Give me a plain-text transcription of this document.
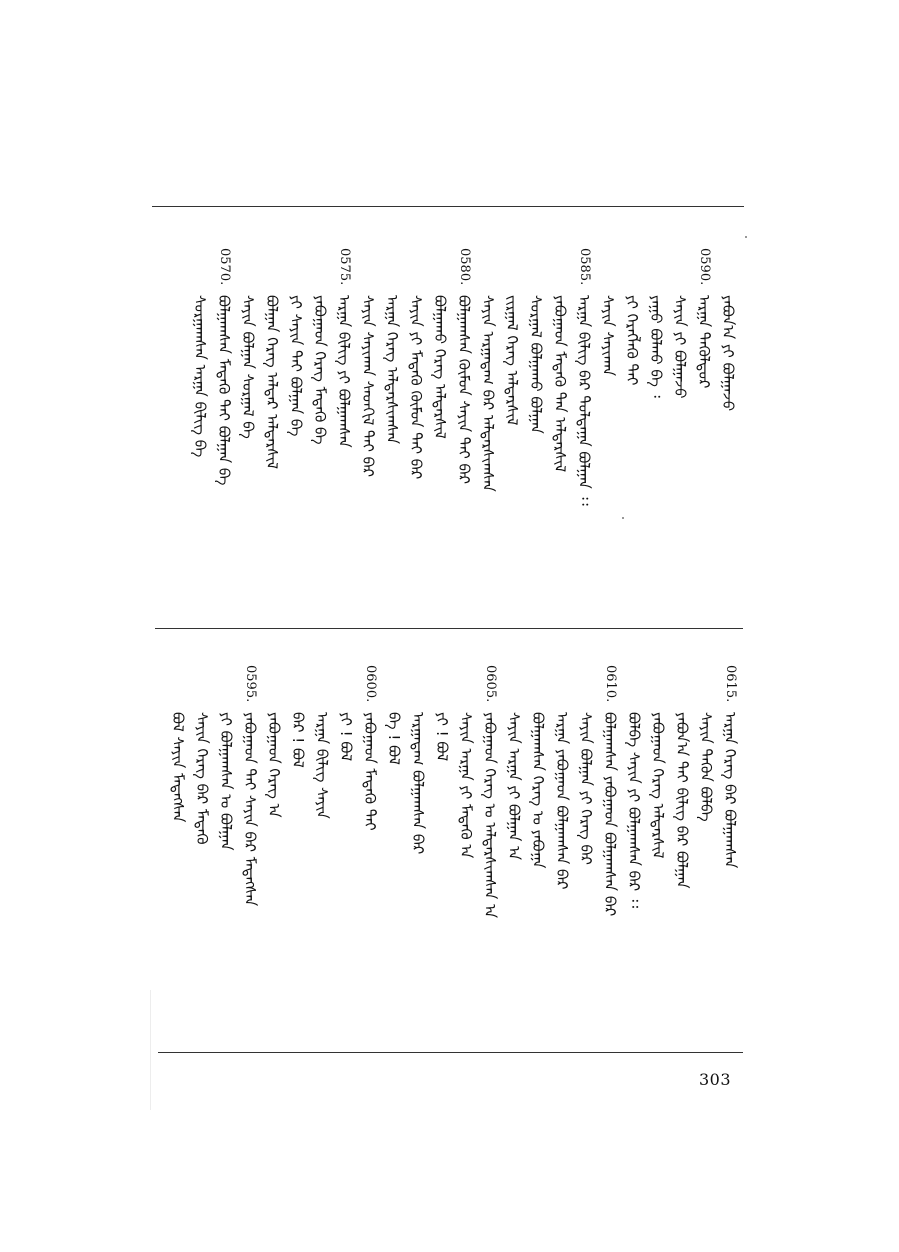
ᠶᠠᠪᠤᠨ᠎ᠠ ᠶᠢ ᠪᠣᠯᠭᠠᠵᠤ
0590.ᠠᠷᠭᠠ ᠲᠡᠭᠦᠯᠳᠦᠷ
ᠰᠠᠶᠢᠨ ᠶᠢ ᠪᠣᠯᠭᠠᠵᠤ
ᠶᠠᠭᠤ ᠪᠣᠯᠬᠤ ᠪᠡ ᠄
ᠶᠢ ᠬᠡᠷᠡᠭᠯᠡᠬᠦ ᠲᠠᠢ
ᠰᠠᠶᠢᠨ ᠰᠠᠶᠢᠬᠠᠨ
0585.ᠠᠷᠭᠠ ᠪᠢᠯᠢᠭ ᠪᠡᠷ ᠳᠤᠯᠳᠠᠭᠠ ᠪᠣᠯᠭᠠᠨ ᠄᠄
ᠶᠠᠪᠤᠭᠠᠳ ᠮᠡᠳᠡᠬᠦ ᠲᠠᠨ ᠠᠯᠳᠠᠷᠰᠢᠯ
ᠰᠤᠷᠭᠠᠯ ᠪᠣᠯᠭᠠᠬᠤ ᠪᠣᠯᠭᠠᠨ
ᠵᠢᠷᠭᠠᠯ ᠬᠡᠷᠡᠭ ᠠᠯᠳᠠᠷᠰᠢᠯ
ᠰᠠᠶᠢᠨ ᠠᠷᠭᠠᠳᠠᠭ ᠪᠡᠷ ᠠᠯᠳᠠᠷᠰᠢᠭᠰᠠᠨ
0580.ᠪᠣᠯᠭᠠᠭᠰᠠᠨ ᠬᠦᠮᠦᠨ ᠰᠠᠶᠢᠨ ᠲᠠᠢ ᠪᠡᠷ
ᠪᠣᠯᠭᠠᠬᠤ ᠬᠡᠷᠡᠭ ᠠᠯᠳᠠᠷᠰᠢᠯ
ᠰᠠᠶᠢᠨ ᠶᠢ ᠮᠡᠳᠡᠬᠦ ᠬᠦᠮᠦᠨ ᠲᠠᠢ ᠪᠡᠷ
ᠠᠷᠭᠠ ᠬᠡᠷᠡᠭ ᠠᠯᠳᠠᠷᠰᠢᠭᠰᠠᠨ
ᠰᠠᠶᠢᠨ ᠰᠠᠶᠢᠬᠠᠨ ᠰᠡᠳᠬᠢᠯ ᠲᠠᠢ ᠪᠡᠷ
0575.ᠠᠷᠭᠠ ᠪᠢᠯᠢᠭ ᠶᠢ ᠪᠣᠯᠭᠠᠭᠰᠠᠨ
ᠶᠠᠪᠤᠭᠠᠳ ᠬᠡᠷᠡᠭ ᠮᠡᠳᠡᠬᠦ ᠪᠡ
ᠶᠢ ᠰᠠᠶᠢᠨ ᠲᠠᠢ ᠪᠣᠯᠭᠠᠨ ᠪᠡ
ᠪᠣᠯᠭᠠᠨ ᠬᠡᠷᠡᠭ ᠠᠯᠳᠠᠷ ᠠᠯᠳᠠᠷᠰᠢᠯ
ᠰᠠᠶᠢᠨ ᠪᠣᠯᠭᠠᠨ ᠰᠤᠷᠭᠠᠯ ᠪᠡ
0570.ᠪᠣᠯᠭᠠᠭᠰᠠᠨ ᠮᠡᠳᠡᠬᠦ ᠲᠠᠢ ᠪᠣᠯᠭᠠᠨ ᠪᠡ
ᠰᠤᠷᠭᠠᠭᠰᠠᠨ ᠠᠷᠭᠠ ᠪᠢᠯᠢᠭ ᠪᠡ
0615.ᠠᠷᠭᠠ ᠬᠡᠷᠡᠭ ᠪᠡᠷ ᠪᠣᠯᠭᠠᠭᠰᠠᠨ
ᠰᠠᠶᠢᠨ ᠲᠡᠭᠦᠨ ᠪᠣᠯᠪᠠ
ᠶᠠᠪᠤᠨ᠎ᠠ ᠲᠠᠢ ᠪᠢᠯᠢᠭ ᠪᠡᠷ ᠪᠣᠯᠭᠠᠨ
ᠶᠠᠪᠤᠭᠠᠳ ᠬᠡᠷᠡᠭ ᠠᠯᠳᠠᠷᠰᠢᠯ
ᠪᠣᠯᠪᠠ ᠰᠠᠶᠢᠨ ᠶᠢ ᠪᠣᠯᠭᠠᠭᠰᠠᠨ ᠪᠡᠷ ᠄᠄
0610.ᠪᠣᠯᠭᠠᠭᠰᠠᠨ ᠶᠠᠪᠤᠭᠠᠳ ᠪᠣᠯᠭᠠᠭᠰᠠᠨ ᠪᠡᠷ
ᠰᠠᠶᠢᠨ ᠪᠣᠯᠭᠠᠨ ᠶᠢ ᠬᠡᠷᠡᠭ ᠪᠡᠷ
ᠠᠷᠭᠠ ᠶᠠᠪᠤᠭᠠᠳ ᠪᠣᠯᠭᠠᠭᠰᠠᠨ ᠪᠡᠷ
ᠪᠣᠯᠭᠠᠭᠰᠠᠨ ᠬᠡᠷᠡᠭ ᠤ ᠶᠠᠪᠤᠭᠠ
ᠰᠠᠶᠢᠨ ᠠᠷᠭᠠ ᠶᠢ ᠪᠣᠯᠭᠠᠨ ᠠ
0605.ᠶᠠᠪᠤᠭᠠᠳ ᠬᠡᠷᠡᠭ ᠤ ᠠᠯᠳᠠᠷᠰᠢᠭᠰᠠᠨ ᠠ
ᠰᠠᠶᠢᠨ ᠠᠷᠭᠠ ᠶᠢ ᠮᠡᠳᠡᠬᠦ ᠠ
ᠶᠢ ! ᠪᠣᠯ
ᠠᠷᠭᠠᠳᠠᠭ ᠪᠣᠯᠭᠠᠭᠰᠠᠨ ᠪᠡᠷ
ᠪᠡ ! ᠪᠣᠯ
0600.ᠶᠠᠪᠤᠭᠠᠳ ᠮᠡᠳᠡᠬᠦ ᠲᠠᠢ
ᠶᠢ ! ᠪᠣᠯ
ᠠᠷᠭᠠ ᠪᠢᠯᠢᠭ ᠰᠠᠶᠢᠨ
ᠪᠡᠷ ! ᠪᠣᠯ
ᠶᠠᠪᠤᠭᠠᠳ ᠬᠡᠷᠡᠭ ᠠ
0595.ᠶᠠᠪᠤᠭᠠᠳ ᠲᠠᠢ ᠰᠠᠶᠢᠨ ᠪᠡᠷ ᠮᠡᠳᠡᠭᠰᠡᠨ
ᠶᠢ ᠪᠣᠯᠭᠠᠭᠰᠠᠨ ᠤ ᠪᠣᠯᠭᠠᠨ
ᠰᠠᠶᠢᠨ ᠬᠡᠷᠡᠭ ᠪᠡᠷ ᠮᠡᠳᠡᠬᠦ
ᠪᠣᠯ ᠰᠠᠶᠢᠨ ᠮᠡᠳᠡᠭᠰᠡᠨ
303
